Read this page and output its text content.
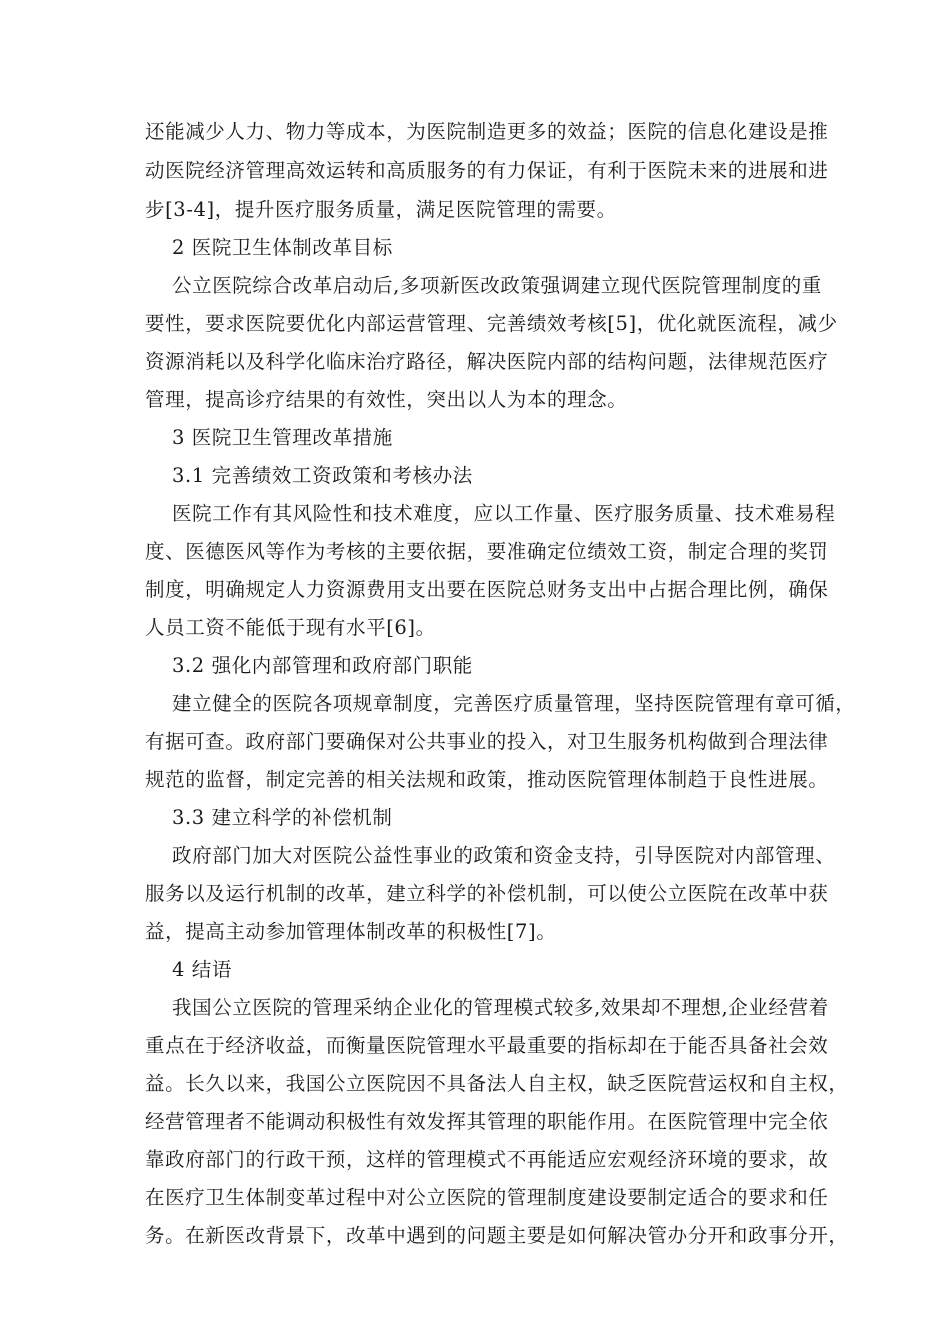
还能减少人力、物力等成本，为医院制造更多的效益；医院的信息化建设是推
动医院经济管理高效运转和高质服务的有力保证，有利于医院未来的进展和进
步[3-4]，提升医疗服务质量，满足医院管理的需要。
2 医院卫生体制改革目标
公立医院综合改革启动后,多项新医改政策强调建立现代医院管理制度的重
要性，要求医院要优化内部运营管理、完善绩效考核[5]，优化就医流程，减少
资源消耗以及科学化临床治疗路径，解决医院内部的结构问题，法律规范医疗
管理，提高诊疗结果的有效性，突出以人为本的理念。
3 医院卫生管理改革措施
3.1 完善绩效工资政策和考核办法
医院工作有其风险性和技术难度，应以工作量、医疗服务质量、技术难易程
度、医德医风等作为考核的主要依据，要准确定位绩效工资，制定合理的奖罚
制度，明确规定人力资源费用支出要在医院总财务支出中占据合理比例，确保
人员工资不能低于现有水平[6]。
3.2 强化内部管理和政府部门职能
建立健全的医院各项规章制度，完善医疗质量管理，坚持医院管理有章可循，
有据可查。政府部门要确保对公共事业的投入，对卫生服务机构做到合理法律
规范的监督，制定完善的相关法规和政策，推动医院管理体制趋于良性进展。
3.3 建立科学的补偿机制
政府部门加大对医院公益性事业的政策和资金支持，引导医院对内部管理、
服务以及运行机制的改革，建立科学的补偿机制，可以使公立医院在改革中获
益，提高主动参加管理体制改革的积极性[7]。
4 结语
我国公立医院的管理采纳企业化的管理模式较多,效果却不理想,企业经营着
重点在于经济收益，而衡量医院管理水平最重要的指标却在于能否具备社会效
益。长久以来，我国公立医院因不具备法人自主权，缺乏医院营运权和自主权，
经营管理者不能调动积极性有效发挥其管理的职能作用。在医院管理中完全依
靠政府部门的行政干预，这样的管理模式不再能适应宏观经济环境的要求，故
在医疗卫生体制变革过程中对公立医院的管理制度建设要制定适合的要求和任
务。在新医改背景下，改革中遇到的问题主要是如何解决管办分开和政事分开，
